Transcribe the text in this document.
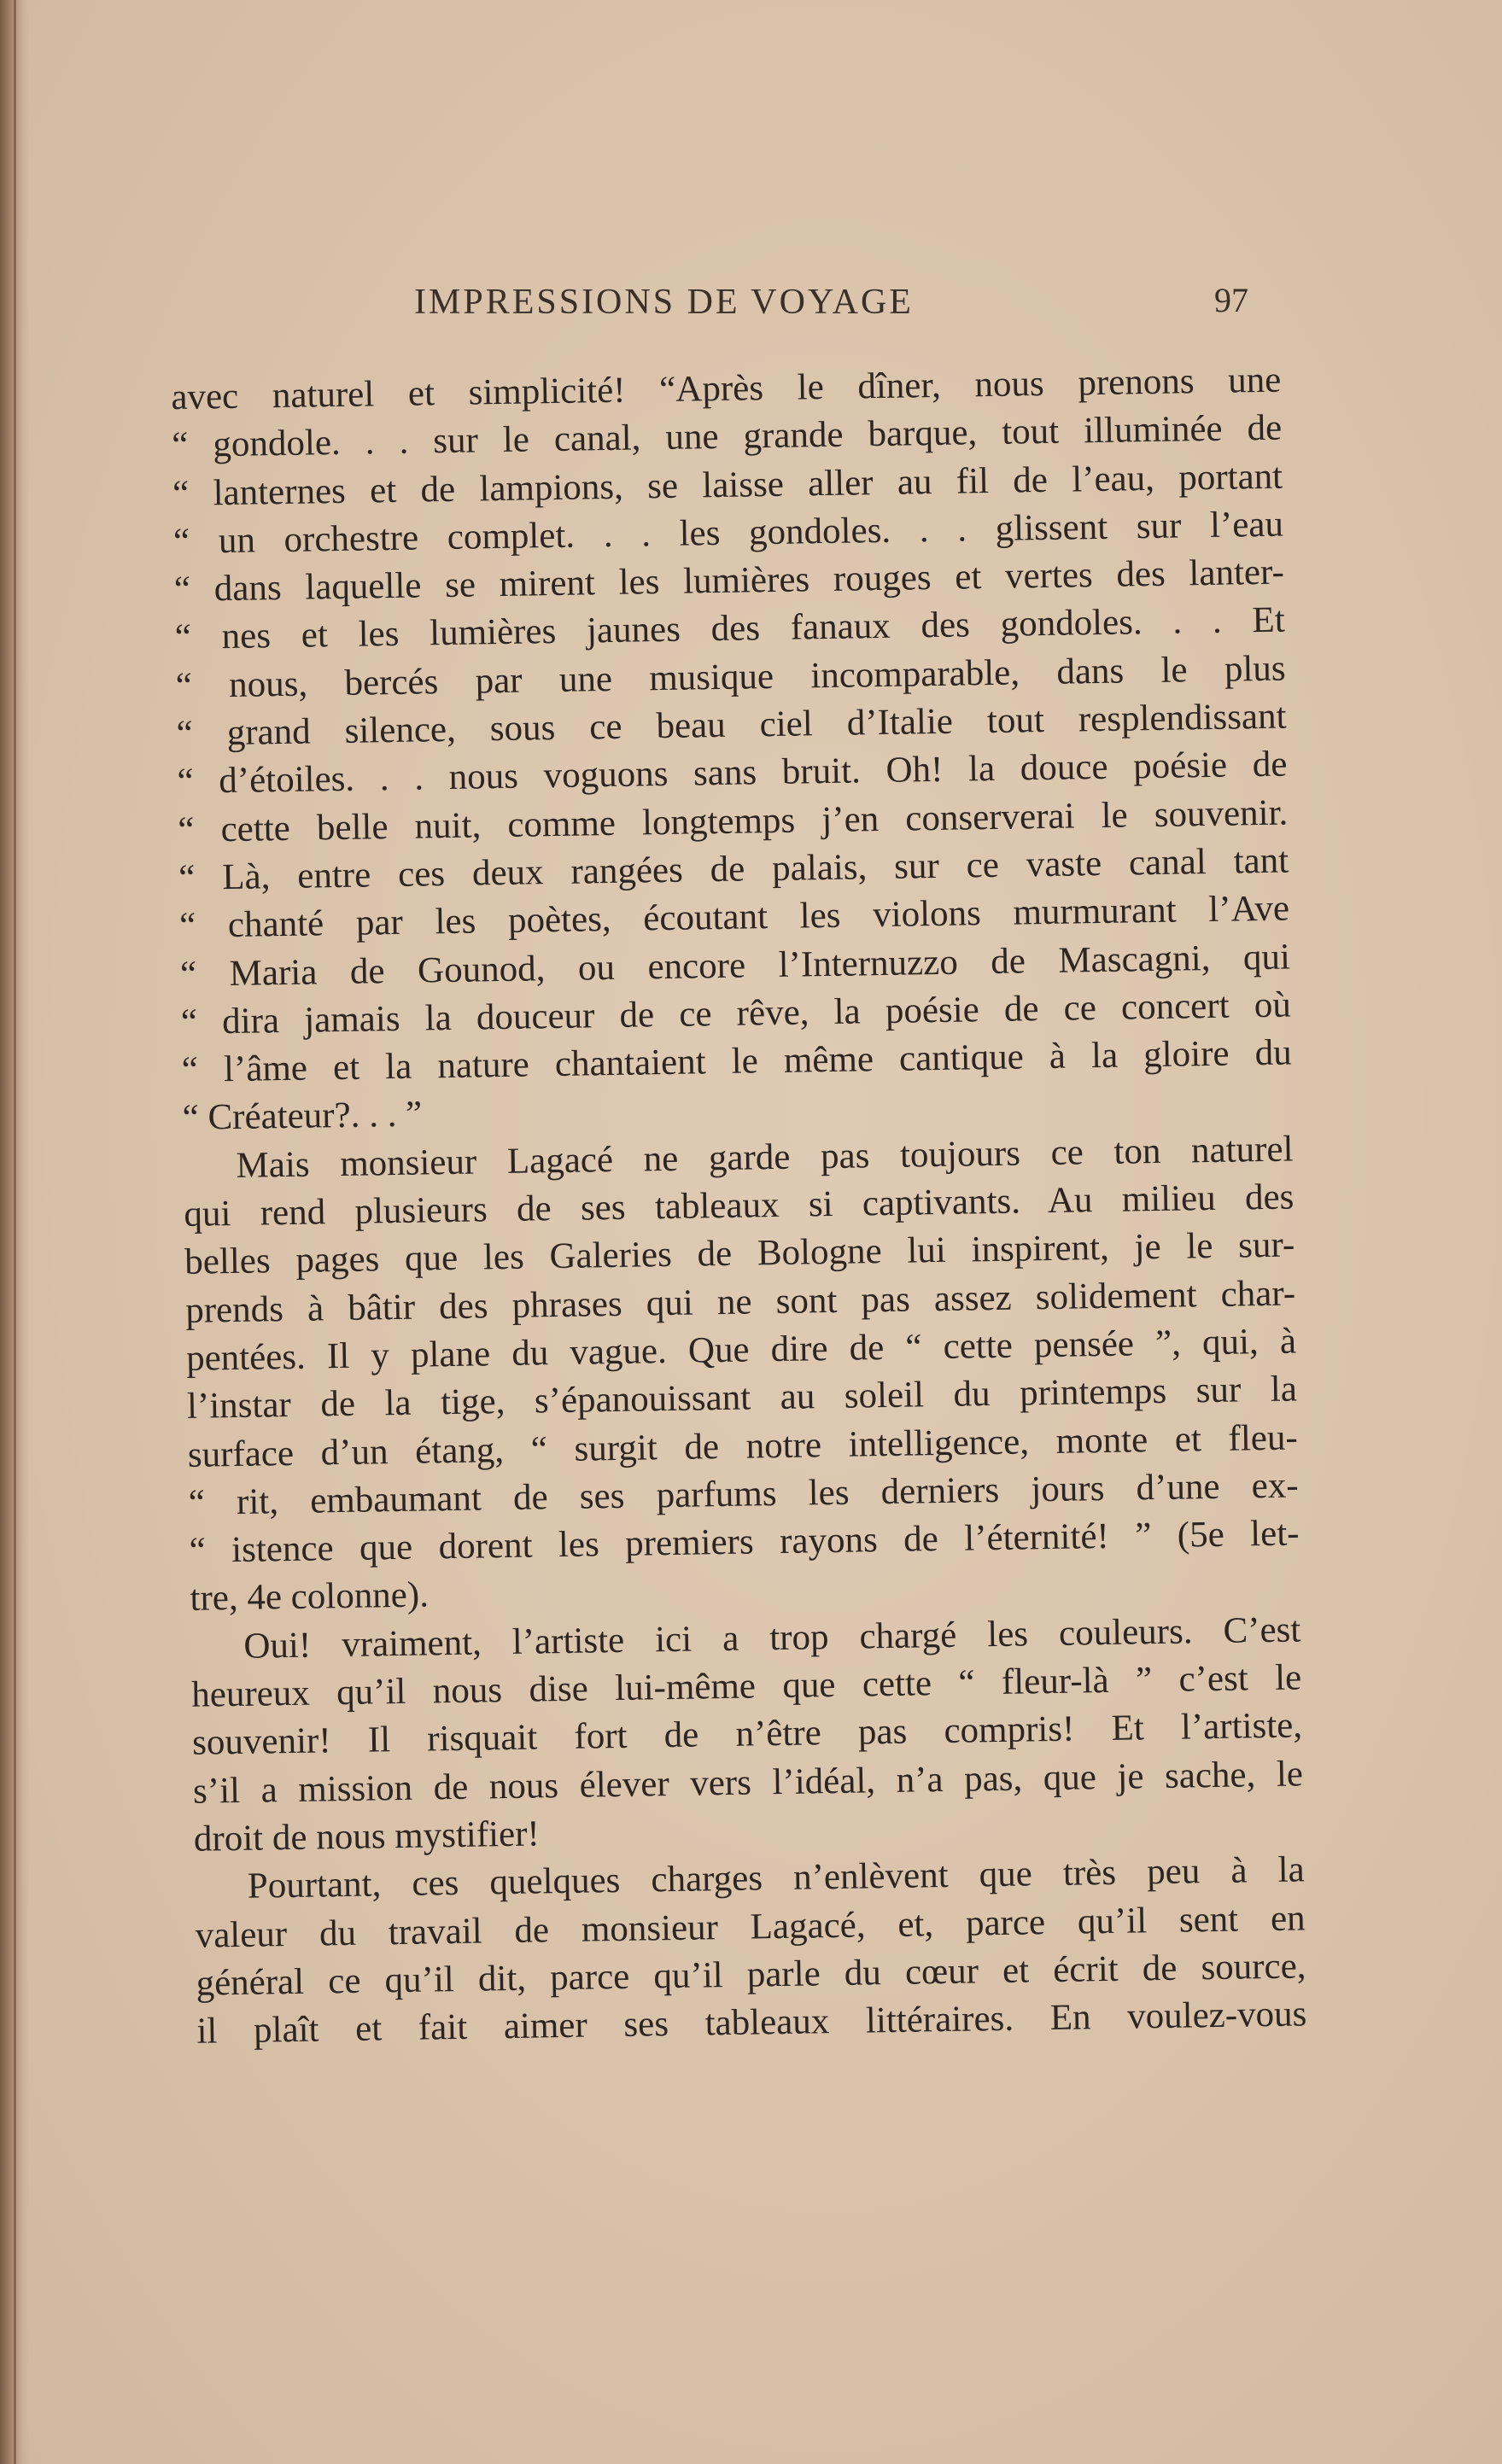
IMPRESSIONS DE VOYAGE	97
avec naturel et simplicité! “Après le dîner, nous prenons une
“ gondole. . . sur le canal, une grande barque, tout illuminée de
“ lanternes et de lampions, se laisse aller au fil de l’eau, portant
“ un orchestre complet. . . les gondoles. . . glissent sur l’eau
“ dans laquelle se mirent les lumières rouges et vertes des lanter-
“ nes et les lumières jaunes des fanaux des gondoles. . . Et
“ nous, bercés par une musique incomparable, dans le plus
“ grand silence, sous ce beau ciel d’Italie tout resplendissant
“ d’étoiles. . . nous voguons sans bruit. Oh! la douce poésie de
“ cette belle nuit, comme longtemps j’en conserverai le souvenir.
“ Là, entre ces deux rangées de palais, sur ce vaste canal tant
“ chanté par les poètes, écoutant les violons murmurant l’Ave
“ Maria de Gounod, ou encore l’Internuzzo de Mascagni, qui
“ dira jamais la douceur de ce rêve, la poésie de ce concert où
“ l’âme et la nature chantaient le même cantique à la gloire du
“ Créateur?. . . ”
Mais monsieur Lagacé ne garde pas toujours ce ton naturel
qui rend plusieurs de ses tableaux si captivants. Au milieu des
belles pages que les Galeries de Bologne lui inspirent, je le sur-
prends à bâtir des phrases qui ne sont pas assez solidement char-
pentées. Il y plane du vague. Que dire de “ cette pensée ”, qui, à
l’instar de la tige, s’épanouissant au soleil du printemps sur la
surface d’un étang, “ surgit de notre intelligence, monte et fleu-
“ rit, embaumant de ses parfums les derniers jours d’une ex-
“ istence que dorent les premiers rayons de l’éternité! ” (5e let-
tre, 4e colonne).
Oui! vraiment, l’artiste ici a trop chargé les couleurs. C’est
heureux qu’il nous dise lui-même que cette “ fleur-là ” c’est le
souvenir! Il risquait fort de n’être pas compris! Et l’artiste,
s’il a mission de nous élever vers l’idéal, n’a pas, que je sache, le
droit de nous mystifier!
Pourtant, ces quelques charges n’enlèvent que très peu à la
valeur du travail de monsieur Lagacé, et, parce qu’il sent en
général ce qu’il dit, parce qu’il parle du cœur et écrit de source,
il plaît et fait aimer ses tableaux littéraires. En voulez-vous
